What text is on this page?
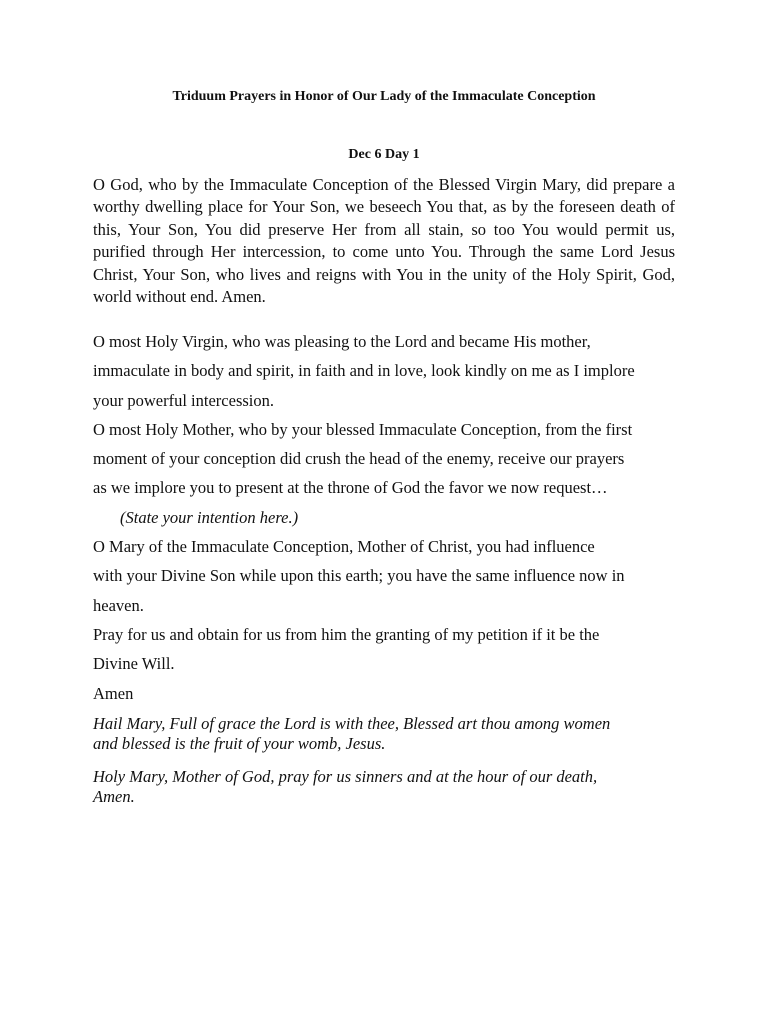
Triduum Prayers in Honor of Our Lady of the Immaculate Conception
Dec 6 Day 1

O God, who by the Immaculate Conception of the Blessed Virgin Mary, did prepare a worthy dwelling place for Your Son, we beseech You that, as by the foreseen death of this, Your Son, You did preserve Her from all stain, so too You would permit us, purified through Her intercession, to come unto You. Through the same Lord Jesus Christ, Your Son, who lives and reigns with You in the unity of the Holy Spirit, God, world without end. Amen.

O most Holy Virgin, who was pleasing to the Lord and became His mother,

immaculate in body and spirit, in faith and in love, look kindly on me as I implore

your powerful intercession.

O most Holy Mother, who by your blessed Immaculate Conception, from the first

moment of your conception did crush the head of the enemy, receive our prayers

as we implore you to present at the throne of God the favor we now request…

(State your intention here.)

O Mary of the Immaculate Conception, Mother of Christ, you had influence

with your Divine Son while upon this earth; you have the same influence now in

heaven.

Pray for us and obtain for us from him the granting of my petition if it be the

Divine Will.

Amen

Hail Mary, Full of grace the Lord is with thee, Blessed art thou among women
and blessed is the fruit of your womb, Jesus.

Holy Mary, Mother of God, pray for us sinners and at the hour of our death,
Amen.
